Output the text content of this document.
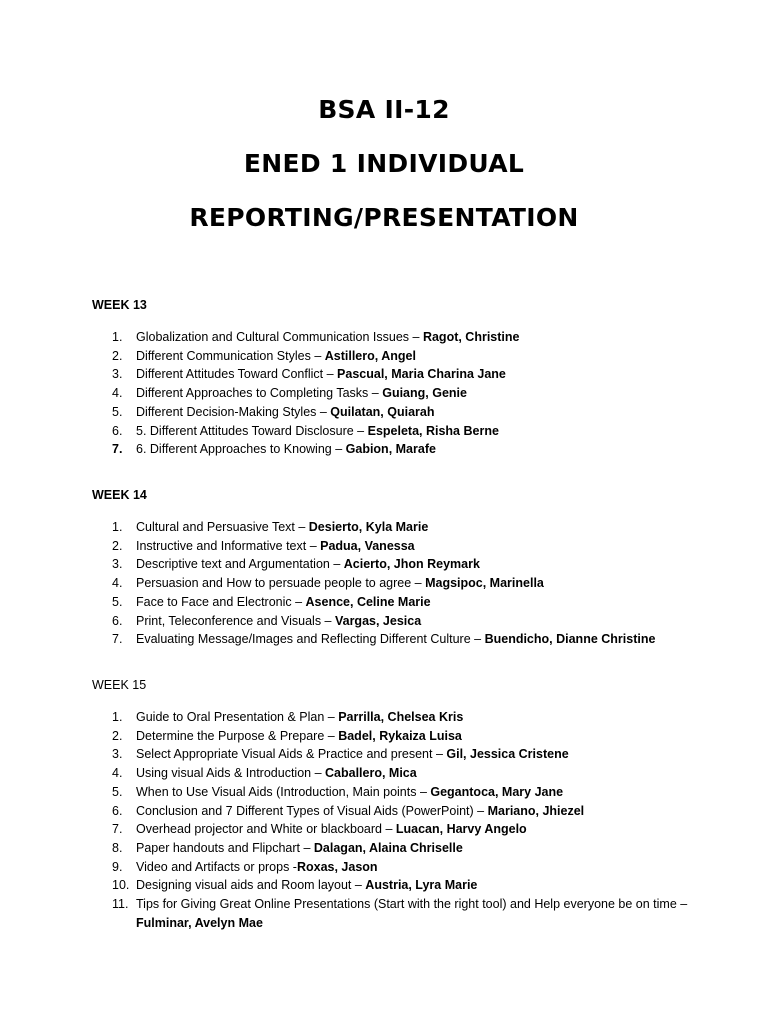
BSA II-12
ENED 1 INDIVIDUAL
REPORTING/PRESENTATION
WEEK 13
1.	Globalization and Cultural Communication Issues – Ragot, Christine
2.	Different Communication Styles – Astillero, Angel
3.	Different Attitudes Toward Conflict – Pascual, Maria Charina Jane
4.	Different Approaches to Completing Tasks – Guiang, Genie
5.	Different Decision-Making Styles – Quilatan, Quiarah
6.	5. Different Attitudes Toward Disclosure – Espeleta, Risha Berne
7.	6. Different Approaches to Knowing – Gabion, Marafe
WEEK 14
1.	Cultural and Persuasive Text – Desierto, Kyla Marie
2.	Instructive and Informative text – Padua, Vanessa
3.	Descriptive text and Argumentation – Acierto, Jhon Reymark
4.	Persuasion and How to persuade people to agree – Magsipoc, Marinella
5.	Face to Face and Electronic – Asence, Celine Marie
6.	Print, Teleconference and Visuals – Vargas, Jesica
7.	Evaluating Message/Images and Reflecting Different Culture – Buendicho, Dianne Christine
WEEK 15
1.	Guide to Oral Presentation & Plan – Parrilla, Chelsea Kris
2.	Determine the Purpose & Prepare – Badel, Rykaiza Luisa
3.	Select Appropriate Visual Aids & Practice and present – Gil, Jessica Cristene
4.	Using visual Aids & Introduction – Caballero, Mica
5.	When to Use Visual Aids (Introduction, Main points – Gegantoca, Mary Jane
6.	Conclusion and 7 Different Types of Visual Aids (PowerPoint) – Mariano, Jhiezel
7.	Overhead projector and White or blackboard – Luacan, Harvy Angelo
8.	Paper handouts and Flipchart – Dalagan, Alaina Chriselle
9.	Video and Artifacts or props -Roxas, Jason
10. Designing visual aids and Room layout – Austria, Lyra Marie
11. Tips for Giving Great Online Presentations (Start with the right tool) and Help everyone be on time – Fulminar, Avelyn Mae
